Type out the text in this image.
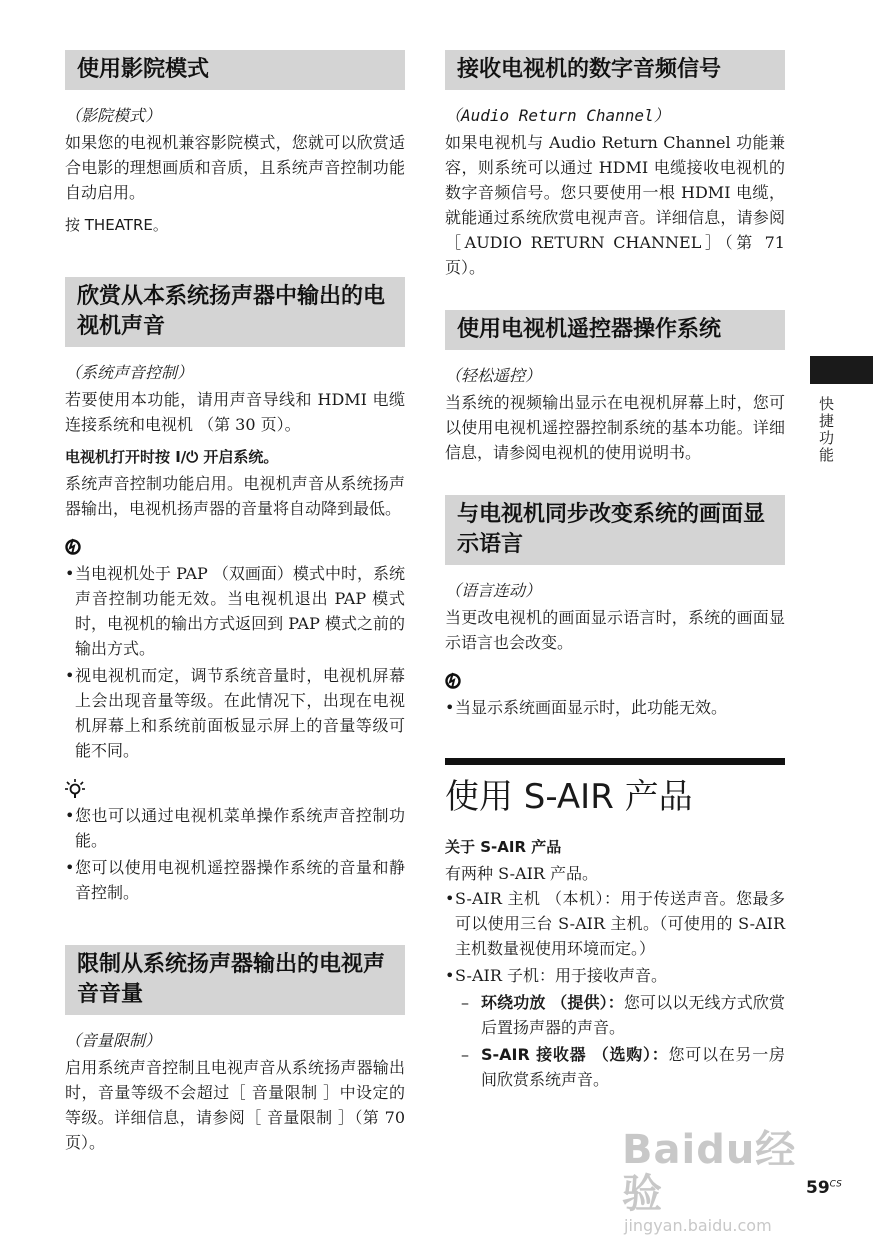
使用影院模式

（影院模式）

如果您的电视机兼容影院模式，您就可以欣赏适合电影的理想画质和音质，且系统声音控制功能自动启用。

按 THEATRE。

欣赏从本系统扬声器中输出的电视机声音

（系统声音控制）

若要使用本功能，请用声音导线和 HDMI 电缆连接系统和电视机 （第 30 页）。

电视机打开时按 I/⏻ 开启系统。

系统声音控制功能启用。电视机声音从系统扬声器输出，电视机扬声器的音量将自动降到最低。

• 当电视机处于 PAP （双画面）模式中时，系统声音控制功能无效。当电视机退出 PAP 模式时，电视机的输出方式返回到 PAP 模式之前的输出方式。

• 视电视机而定，调节系统音量时，电视机屏幕上会出现音量等级。在此情况下，出现在电视机屏幕上和系统前面板显示屏上的音量等级可能不同。

• 您也可以通过电视机菜单操作系统声音控制功能。

• 您可以使用电视机遥控器操作系统的音量和静音控制。

限制从系统扬声器输出的电视声音音量

（音量限制）

启用系统声音控制且电视声音从系统扬声器输出时，音量等级不会超过［ 音量限制 ］中设定的等级。详细信息，请参阅［ 音量限制 ］（第 70 页）。

接收电视机的数字音频信号

（Audio Return Channel）

如果电视机与 Audio Return Channel 功能兼容，则系统可以通过 HDMI 电缆接收电视机的数字音频信号。您只要使用一根 HDMI 电缆，就能通过系统欣赏电视声音。详细信息，请参阅［AUDIO RETURN CHANNEL］（第 71 页）。

使用电视机遥控器操作系统

（轻松遥控）

当系统的视频输出显示在电视机屏幕上时，您可以使用电视机遥控器控制系统的基本功能。详细信息，请参阅电视机的使用说明书。

与电视机同步改变系统的画面显示语言

（语言连动）

当更改电视机的画面显示语言时，系统的画面显示语言也会改变。

• 当显示系统画面显示时，此功能无效。

使用 S-AIR 产品

关于 S-AIR 产品

有两种 S-AIR 产品。

• S-AIR 主机 （本机）：用于传送声音。您最多可以使用三台 S-AIR 主机。（可使用的 S-AIR 主机数量视使用环境而定。）

• S-AIR 子机：用于接收声音。

– 环绕功放 （提供）：您可以以无线方式欣赏后置扬声器的声音。

– S-AIR 接收器 （选购）：您可以在另一房间欣赏系统声音。

快捷功能
Baidu经验
jingyan.baidu.com
$59^{CS}$
